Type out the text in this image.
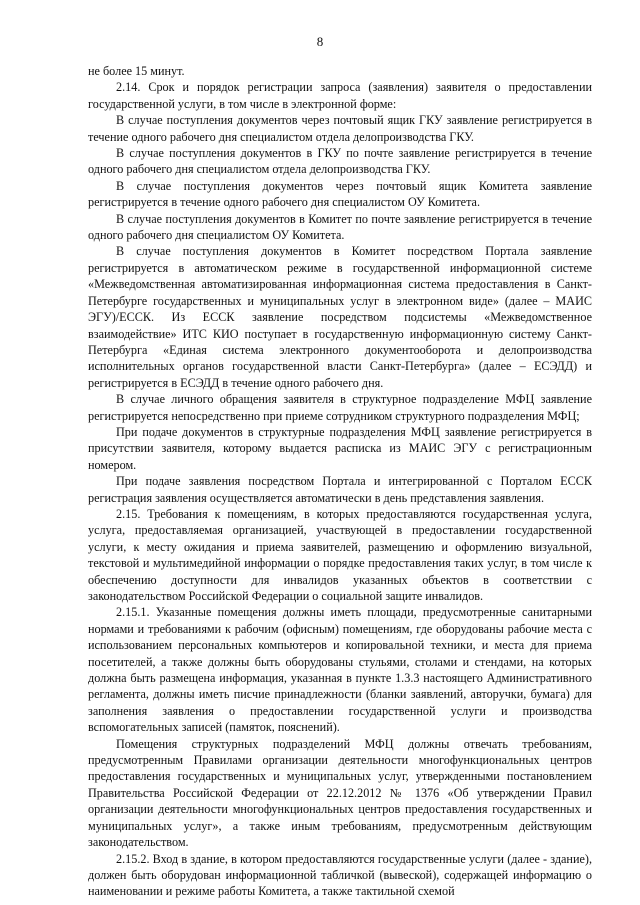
8

не более 15 минут.

2.14. Срок и порядок регистрации запроса (заявления) заявителя о предоставлении государственной услуги, в том числе в электронной форме:

В случае поступления документов через почтовый ящик ГКУ заявление регистрируется в течение одного рабочего дня специалистом отдела делопроизводства ГКУ.

В случае поступления документов в ГКУ по почте заявление регистрируется в течение одного рабочего дня специалистом отдела делопроизводства ГКУ.

В случае поступления документов через почтовый ящик Комитета заявление регистрируется в течение одного рабочего дня специалистом ОУ Комитета.

В случае поступления документов в Комитет по почте заявление регистрируется в течение одного рабочего дня специалистом ОУ Комитета.

В случае поступления документов в Комитет посредством Портала заявление регистрируется в автоматическом режиме в государственной информационной системе «Межведомственная автоматизированная информационная система предоставления в Санкт-Петербурге государственных и муниципальных услуг в электронном виде» (далее – МАИС ЭГУ)/ЕССК. Из ЕССК заявление посредством подсистемы «Межведомственное взаимодействие» ИТС КИО поступает в государственную информационную систему Санкт-Петербурга «Единая система электронного документооборота и делопроизводства исполнительных органов государственной власти Санкт-Петербурга» (далее – ЕСЭДД) и регистрируется в ЕСЭДД в течение одного рабочего дня.

В случае личного обращения заявителя в структурное подразделение МФЦ заявление регистрируется непосредственно при приеме сотрудником структурного подразделения МФЦ;

При подаче документов в структурные подразделения МФЦ заявление регистрируется в присутствии заявителя, которому выдается расписка из МАИС ЭГУ с регистрационным номером.

При подаче заявления посредством Портала и интегрированной с Порталом ЕССК регистрация заявления осуществляется автоматически в день представления заявления.

2.15. Требования к помещениям, в которых предоставляются государственная услуга, услуга, предоставляемая организацией, участвующей в предоставлении государственной услуги, к месту ожидания и приема заявителей, размещению и оформлению визуальной, текстовой и мультимедийной информации о порядке предоставления таких услуг, в том числе к обеспечению доступности для инвалидов указанных объектов в соответствии с законодательством Российской Федерации о социальной защите инвалидов.

2.15.1. Указанные помещения должны иметь площади, предусмотренные санитарными нормами и требованиями к рабочим (офисным) помещениям, где оборудованы рабочие места с использованием персональных компьютеров и копировальной техники, и места для приема посетителей, а также должны быть оборудованы стульями, столами и стендами, на которых должна быть размещена информация, указанная в пункте 1.3.3 настоящего Административного регламента, должны иметь писчие принадлежности (бланки заявлений, авторучки, бумага) для заполнения заявления о предоставлении государственной услуги и производства вспомогательных записей (памяток, пояснений).

Помещения структурных подразделений МФЦ должны отвечать требованиям, предусмотренным Правилами организации деятельности многофункциональных центров предоставления государственных и муниципальных услуг, утвержденными постановлением Правительства Российской Федерации от 22.12.2012 № 1376 «Об утверждении Правил организации деятельности многофункциональных центров предоставления государственных и муниципальных услуг», а также иным требованиям, предусмотренным действующим законодательством.

2.15.2. Вход в здание, в котором предоставляются государственные услуги (далее - здание), должен быть оборудован информационной табличкой (вывеской), содержащей информацию о наименовании и режиме работы Комитета, а также тактильной схемой
